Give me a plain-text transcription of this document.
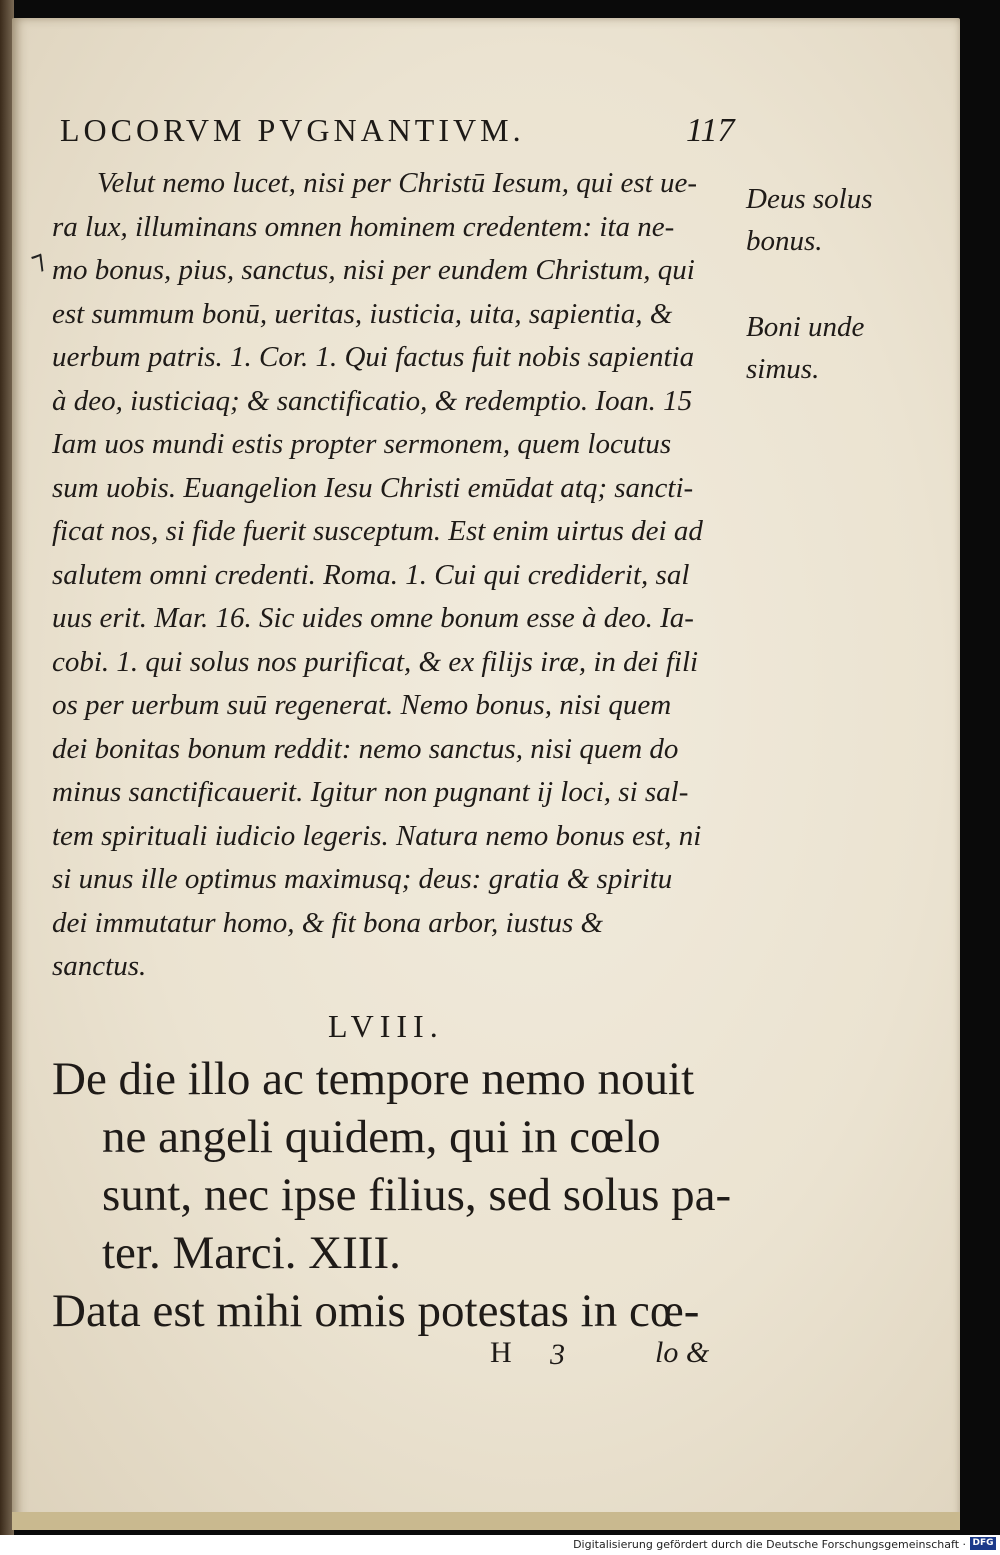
LOCORVM PVGNANTIVM.	117
⁊
Velut nemo lucet, nisi per Christū Iesum, qui est ue-
ra lux, illuminans omnen hominem credentem: ita ne-
mo bonus, pius, sanctus, nisi per eundem Christum, qui
est summum bonū, ueritas, iusticia, uita, sapientia, &
uerbum patris. 1. Cor. 1. Qui factus fuit nobis sapientia
à deo, iusticiaq; & sanctificatio, & redemptio. Ioan. 15
Iam uos mundi estis propter sermonem, quem locutus
sum uobis. Euangelion Iesu Christi emūdat atq; sancti-
ficat nos, si fide fuerit susceptum. Est enim uirtus dei ad
salutem omni credenti. Roma. 1. Cui qui crediderit, sal
uus erit. Mar. 16. Sic uides omne bonum esse à deo. Ia-
cobi. 1. qui solus nos purificat, & ex filijs iræ, in dei fili
os per uerbum suū regenerat. Nemo bonus, nisi quem
dei bonitas bonum reddit: nemo sanctus, nisi quem do
minus sanctificauerit. Igitur non pugnant ij loci, si sal-
tem spirituali iudicio legeris. Natura nemo bonus est, ni
si unus ille optimus maximusq; deus: gratia & spiritu
dei immutatur homo, & fit bona arbor, iustus &
sanctus.
Deus solus
bonus.
Boni unde
simus.
LVIII.
De die illo ac tempore nemo nouit
ne angeli quidem, qui in cœlo
sunt, nec ipse filius, sed solus pa-
ter. Marci. XIII.
Data est mihi omis potestas in cœ-
H 3	lo &
Digitalisierung gefördert durch die Deutsche Forschungsgemeinschaft · DFG
